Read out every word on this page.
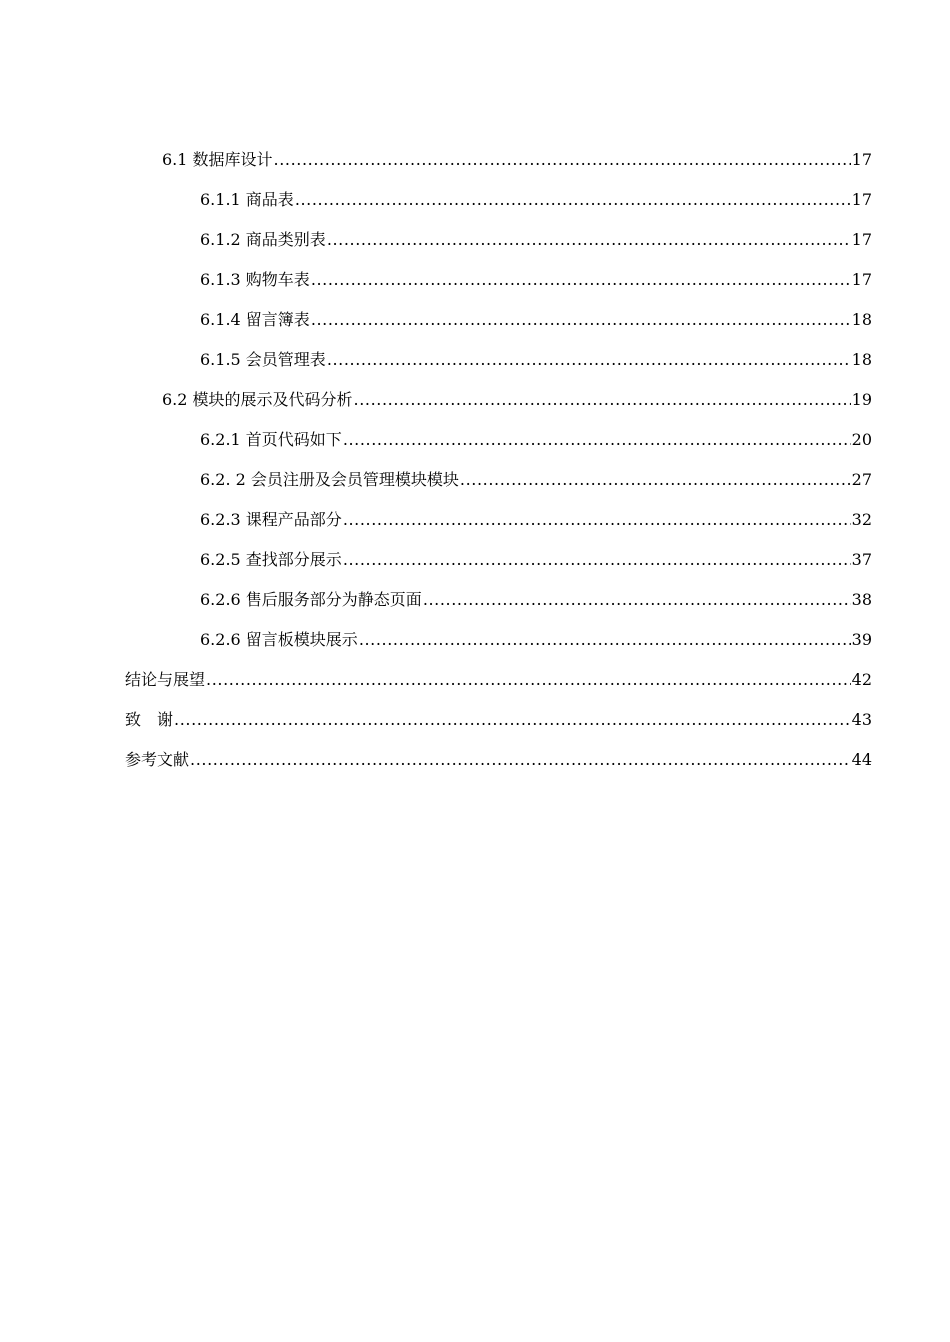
6.1 数据库设计 .....	17
6.1.1 商品表 .....	17
6.1.2 商品类别表 .....	17
6.1.3 购物车表 .....	17
6.1.4 留言簿表 .....	18
6.1.5 会员管理表 .....	18
6.2 模块的展示及代码分析 .....	19
6.2.1 首页代码如下 .....	20
6.2. 2 会员注册及会员管理模块模块 .....	27
6.2.3 课程产品部分 .....	32
6.2.5 查找部分展示 .....	37
6.2.6 售后服务部分为静态页面 .....	38
6.2.6 留言板模块展示 .....	39
结论与展望 .....	42
致　谢 .....	43
参考文献 .....	44
